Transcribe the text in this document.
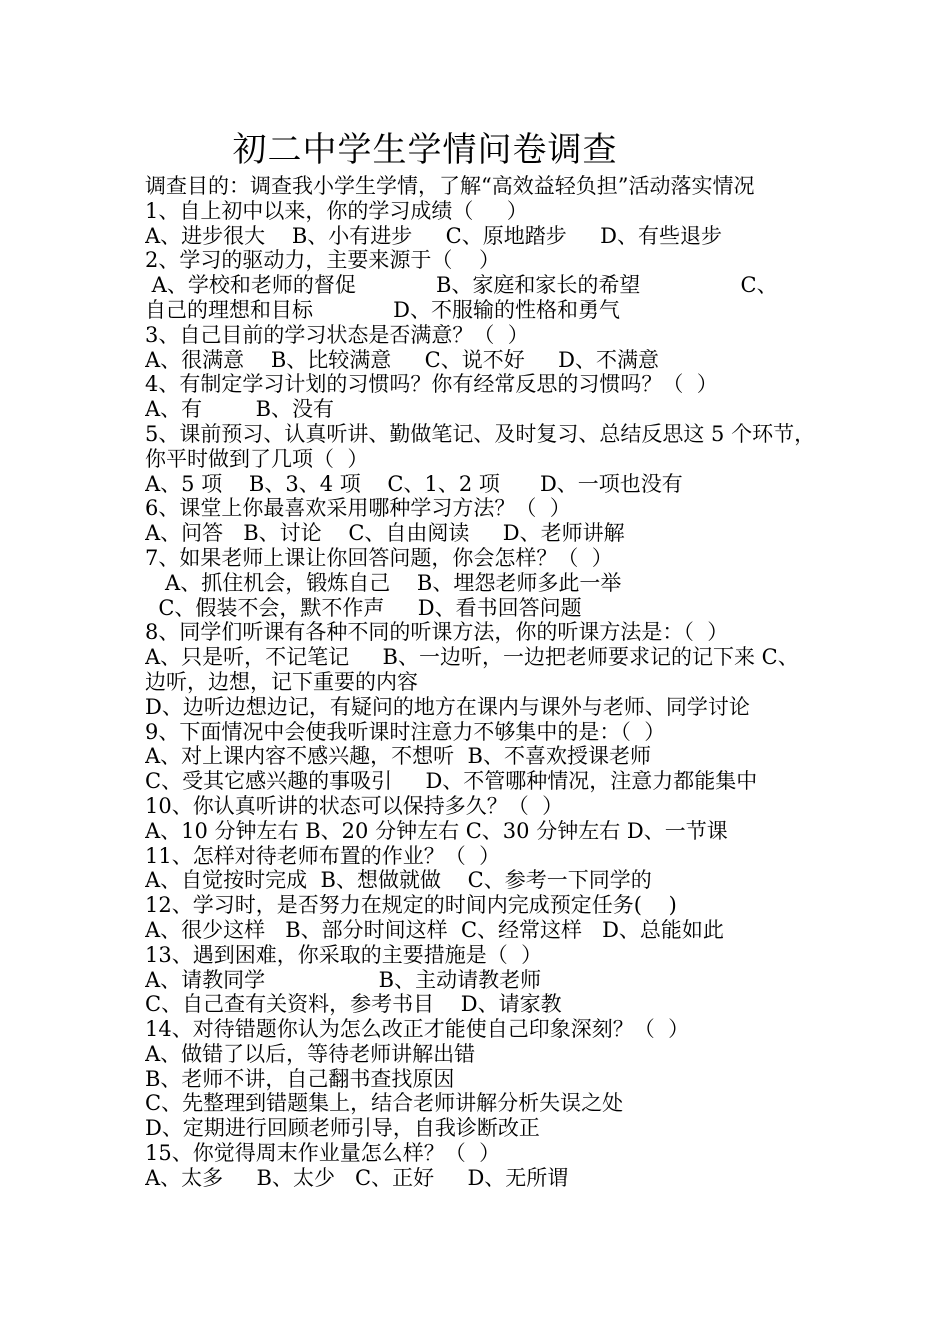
初二中学生学情问卷调查
调查目的：调查我小学生学情，了解“高效益轻负担”活动落实情况
1、自上初中以来，你的学习成绩（     ）
A、进步很大    B、小有进步     C、原地踏步     D、有些退步
2、学习的驱动力，主要来源于（    ）
A、学校和老师的督促            B、家庭和家长的希望               C、
自己的理想和目标            D、不服输的性格和勇气
3、自己目前的学习状态是否满意？（  ）
A、很满意    B、比较满意     C、说不好     D、不满意
4、有制定学习计划的习惯吗？你有经常反思的习惯吗？（  ）
A、有        B、没有
5、课前预习、认真听讲、勤做笔记、及时复习、总结反思这 5 个环节，
你平时做到了几项（  ）
A、5 项    B、3、4 项    C、1、2 项      D、一项也没有
6、课堂上你最喜欢采用哪种学习方法？（  ）
A、问答   B、讨论    C、自由阅读     D、老师讲解
7、如果老师上课让你回答问题，你会怎样？（  ）
A、抓住机会，锻炼自己    B、埋怨老师多此一举
C、假装不会，默不作声     D、看书回答问题
8、同学们听课有各种不同的听课方法，你的听课方法是：（  ）
A、只是听，不记笔记     B、一边听，一边把老师要求记的记下来 C、
边听，边想，记下重要的内容
D、边听边想边记，有疑问的地方在课内与课外与老师、同学讨论
9、下面情况中会使我听课时注意力不够集中的是：（  ）
A、对上课内容不感兴趣，不想听  B、不喜欢授课老师
C、受其它感兴趣的事吸引     D、不管哪种情况，注意力都能集中
10、你认真听讲的状态可以保持多久？（  ）
A、10 分钟左右 B、20 分钟左右 C、30 分钟左右 D、一节课
11、怎样对待老师布置的作业？（  ）
A、自觉按时完成  B、想做就做    C、参考一下同学的
12、学习时，是否努力在规定的时间内完成预定任务(    )
A、很少这样   B、部分时间这样  C、经常这样   D、总能如此
13、遇到困难，你采取的主要措施是（  ）
A、请教同学                 B、主动请教老师
C、自己查有关资料，参考书目    D、请家教
14、对待错题你认为怎么改正才能使自己印象深刻？（  ）
A、做错了以后，等待老师讲解出错
B、老师不讲，自己翻书查找原因
C、先整理到错题集上，结合老师讲解分析失误之处
D、定期进行回顾老师引导，自我诊断改正
15、你觉得周末作业量怎么样？（  ）
A、太多     B、太少   C、正好     D、无所谓
